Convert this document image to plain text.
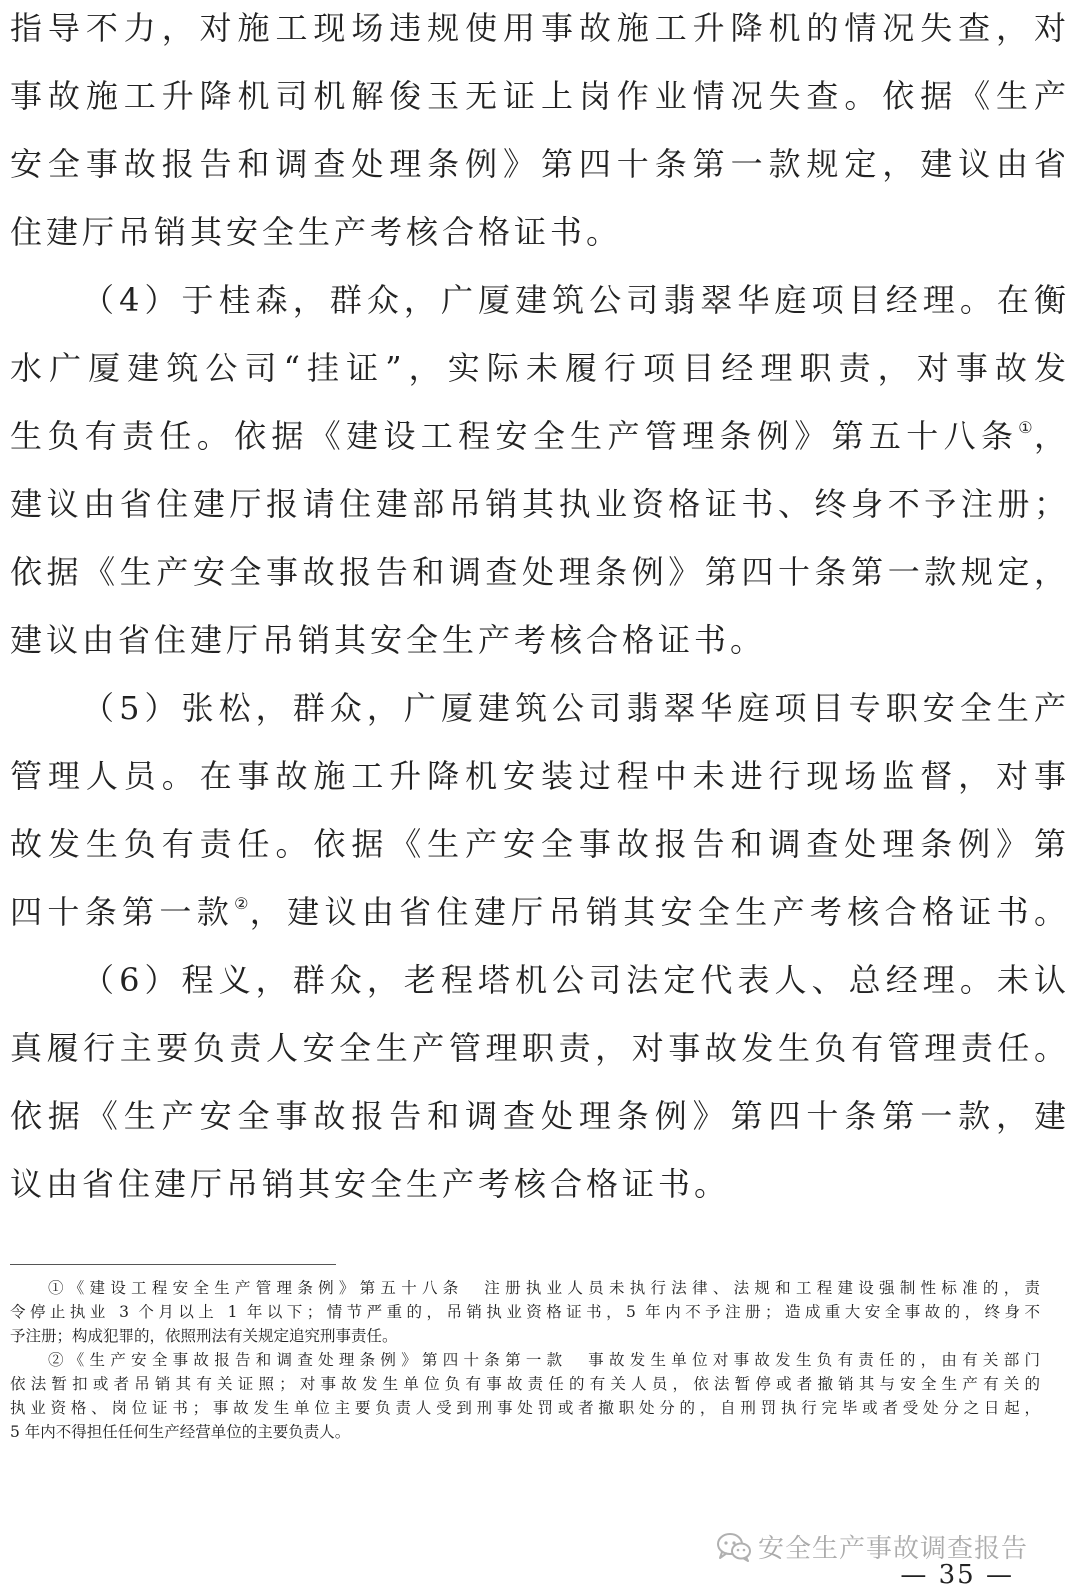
指导不力，对施工现场违规使用事故施工升降机的情况失查，对
事故施工升降机司机解俊玉无证上岗作业情况失查。依据《生产
安全事故报告和调查处理条例》第四十条第一款规定，建议由省
住建厅吊销其安全生产考核合格证书。
（4）于桂森，群众，广厦建筑公司翡翠华庭项目经理。在衡
水广厦建筑公司“挂证”，实际未履行项目经理职责，对事故发
生负有责任。依据《建设工程安全生产管理条例》第五十八条①，
建议由省住建厅报请住建部吊销其执业资格证书、终身不予注册；
依据《生产安全事故报告和调查处理条例》第四十条第一款规定，
建议由省住建厅吊销其安全生产考核合格证书。
（5）张松，群众，广厦建筑公司翡翠华庭项目专职安全生产
管理人员。在事故施工升降机安装过程中未进行现场监督，对事
故发生负有责任。依据《生产安全事故报告和调查处理条例》第
四十条第一款②，建议由省住建厅吊销其安全生产考核合格证书。
（6）程义，群众，老程塔机公司法定代表人、总经理。未认
真履行主要负责人安全生产管理职责，对事故发生负有管理责任。
依据《生产安全事故报告和调查处理条例》第四十条第一款，建
议由省住建厅吊销其安全生产考核合格证书。
①《建设工程安全生产管理条例》第五十八条　注册执业人员未执行法律、法规和工程建设强制性标准的，责
令停止执业 3 个月以上 1 年以下；情节严重的，吊销执业资格证书，5 年内不予注册；造成重大安全事故的，终身不
予注册；构成犯罪的，依照刑法有关规定追究刑事责任。
②《生产安全事故报告和调查处理条例》第四十条第一款　事故发生单位对事故发生负有责任的，由有关部门
依法暂扣或者吊销其有关证照；对事故发生单位负有事故责任的有关人员，依法暂停或者撤销其与安全生产有关的
执业资格、岗位证书；事故发生单位主要负责人受到刑事处罚或者撤职处分的，自刑罚执行完毕或者受处分之日起，
5 年内不得担任任何生产经营单位的主要负责人。
安全生产事故调查报告
— 35 —
